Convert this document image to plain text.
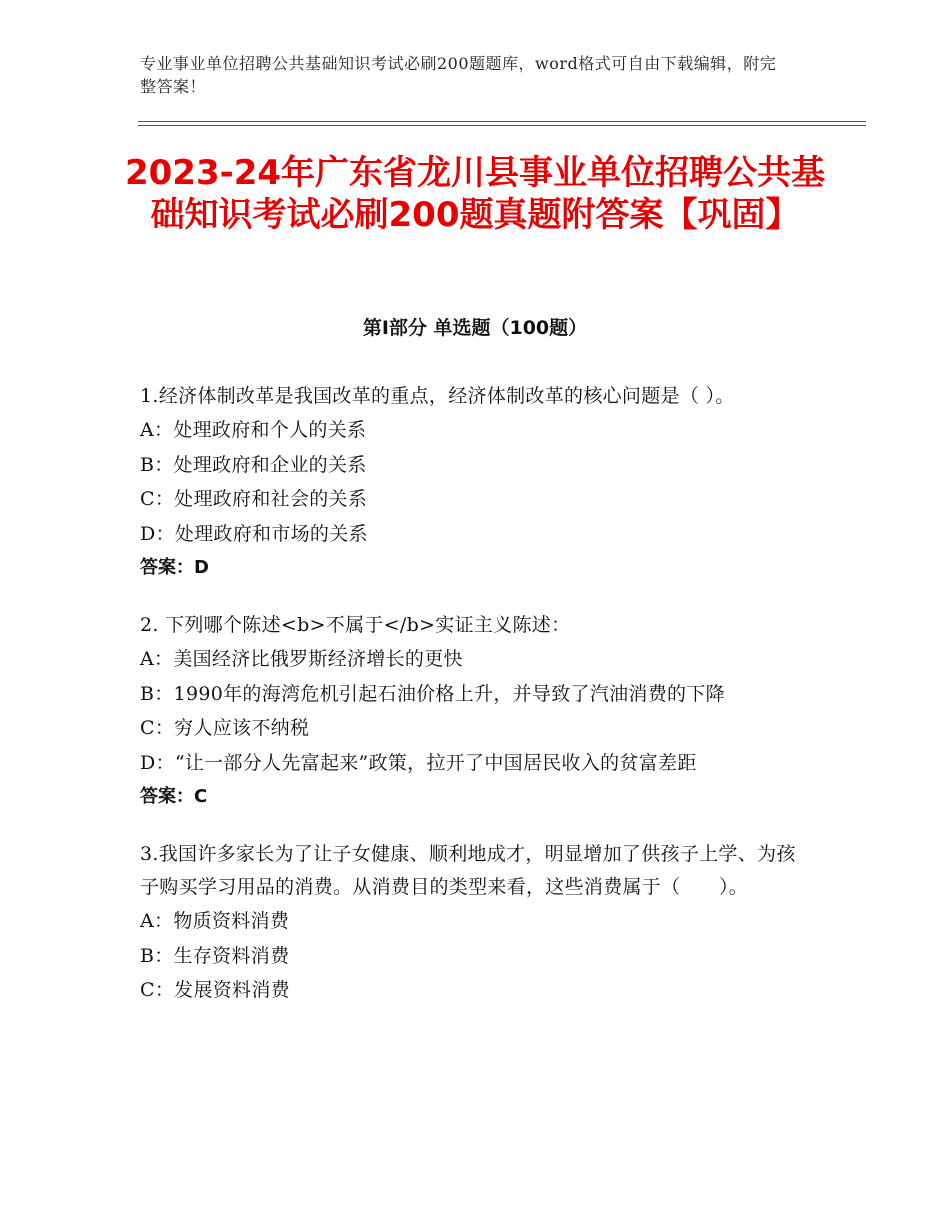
专业事业单位招聘公共基础知识考试必刷200题题库，word格式可自由下载编辑，附完整答案！
2023-24年广东省龙川县事业单位招聘公共基础知识考试必刷200题真题附答案【巩固】
第I部分 单选题（100题）

1.经济体制改革是我国改革的重点，经济体制改革的核心问题是（ ）。

A：处理政府和个人的关系

B：处理政府和企业的关系

C：处理政府和社会的关系

D：处理政府和市场的关系

答案：D

2. 下列哪个陈述<b>不属于</b>实证主义陈述：

A：美国经济比俄罗斯经济增长的更快

B：1990年的海湾危机引起石油价格上升，并导致了汽油消费的下降

C：穷人应该不纳税

D：“让一部分人先富起来”政策，拉开了中国居民收入的贫富差距

答案：C

3.我国许多家长为了让子女健康、顺利地成才，明显增加了供孩子上学、为孩子购买学习用品的消费。从消费目的类型来看，这些消费属于（　　）。

A：物质资料消费

B：生存资料消费

C：发展资料消费
